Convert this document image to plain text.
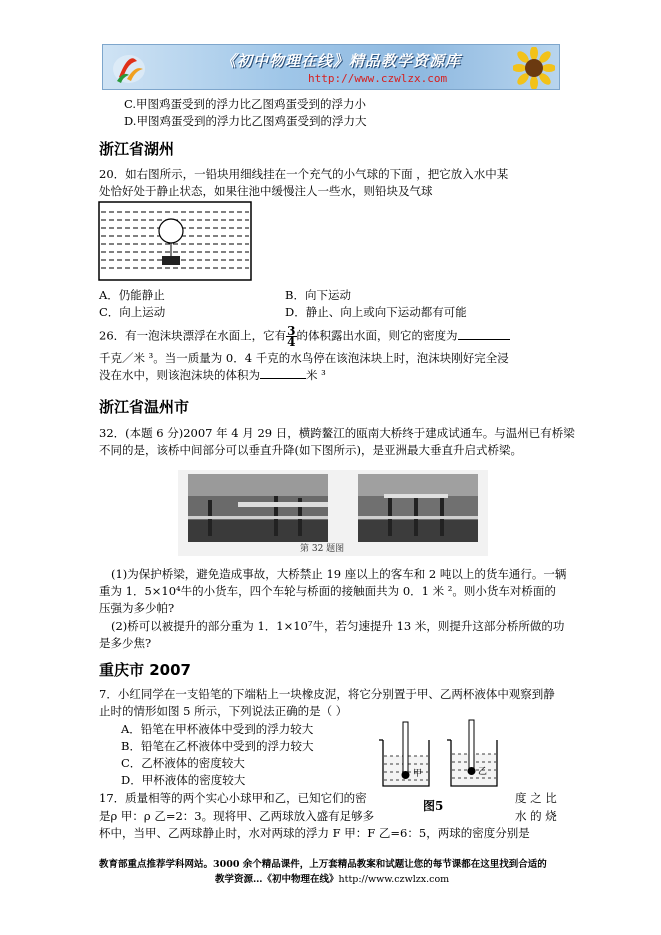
《初中物理在线》精品教学资源库
http://www.czwlzx.com
C.甲图鸡蛋受到的浮力比乙图鸡蛋受到的浮力小
D.甲图鸡蛋受到的浮力比乙图鸡蛋受到的浮力大
浙江省湖州
20．如右图所示，一铅块用细线挂在一个充气的小气球的下面 ，把它放入水中某
处恰好处于静止状态，如果往池中缓慢注人一些水，则铅块及气球
A．仍能静止	B．向下运动
C．向上运动	D．静止、向上或向下运动都有可能
26．有一泡沫块漂浮在水面上，它有 $\frac{3}{4}$ 的体积露出水面，则它的密度为
千克／米 ³。当一质量为 0．4 千克的水鸟停在该泡沫块上时，泡沫块刚好完全浸
没在水中，则该泡沫块的体积为	米 ³
浙江省温州市
32．(本题 6 分)2007 年 4 月 29 日，横跨鳌江的瓯南大桥终于建成试通车。与温州已有桥梁
不同的是，该桥中间部分可以垂直升降(如下图所示)，是亚洲最大垂直升启式桥梁。
第 32 题图
(1)为保护桥梁，避免造成事故，大桥禁止 19 座以上的客车和 2 吨以上的货车通行。一辆
重为 1．5×10⁴牛的小货车，四个车轮与桥面的接触面共为 0．1 米 ²。则小货车对桥面的
压强为多少帕?
(2)桥可以被提升的部分重为 1．1×10⁷牛，若匀速提升 13 米，则提升这部分桥所做的功
是多少焦?
重庆市 2007
7．小红同学在一支铅笔的下端粘上一块橡皮泥，将它分别置于甲、乙两杯液体中观察到静
止时的情形如图 5 所示，下列说法正确的是（ ）
A．铅笔在甲杯液体中受到的浮力较大
B．铅笔在乙杯液体中受到的浮力较大
C．乙杯液体的密度较大
D．甲杯液体的密度较大	甲	乙
图5
17．质量相等的两个实心小球甲和乙，已知它们的密	度 之 比
是ρ 甲：ρ 乙=2：3。现将甲、乙两球放入盛有足够多	水 的 烧
杯中，当甲、乙两球静止时，水对两球的浮力 F 甲：F 乙=6：5，两球的密度分别是
教育部重点推荐学科网站。3000 余个精品课件，上万套精品教案和试题让您的每节课都在这里找到合适的
教学资源…《初中物理在线》http://www.czwlzx.com
